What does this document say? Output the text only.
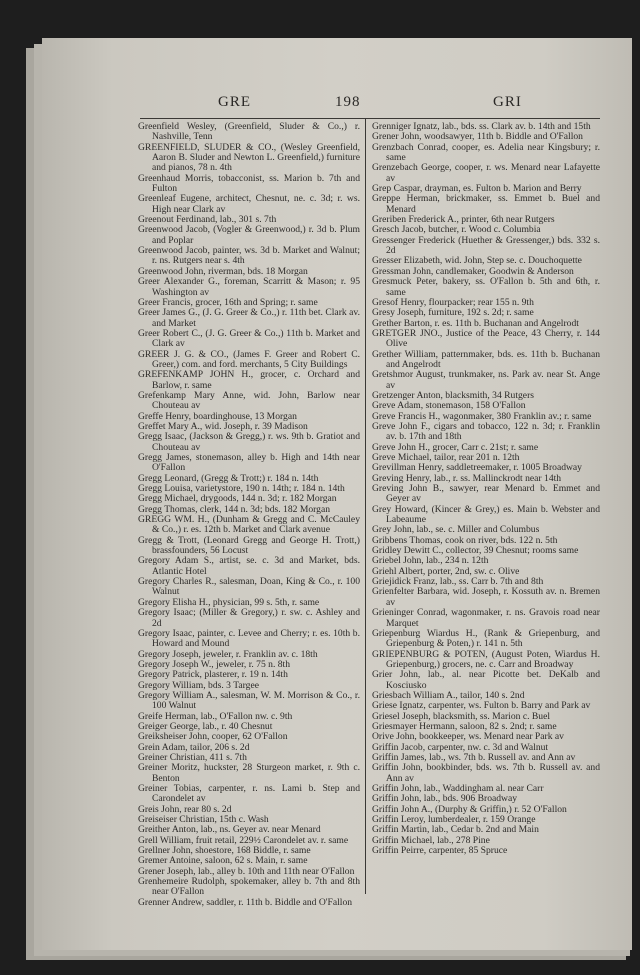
GRE	198	GRI
Greenfield Wesley, (Greenfield, Sluder & Co.,) r. Nashville, Tenn
GREENFIELD, SLUDER & CO., (Wesley Greenfield, Aaron B. Sluder and Newton L. Greenfield,) furniture and pianos, 78 n. 4th
Greenhaud Morris, tobacconist, ss. Marion b. 7th and Fulton
Greenleaf Eugene, architect, Chesnut, ne. c. 3d; r. ws. High near Clark av
Greenout Ferdinand, lab., 301 s. 7th
Greenwood Jacob, (Vogler & Greenwood,) r. 3d b. Plum and Poplar
Greenwood Jacob, painter, ws. 3d b. Market and Walnut; r. ns. Rutgers near s. 4th
Greenwood John, riverman, bds. 18 Morgan
Greer Alexander G., foreman, Scarritt & Mason; r. 95 Washington av
Greer Francis, grocer, 16th and Spring; r. same
Greer James G., (J. G. Greer & Co.,) r. 11th bet. Clark av. and Market
Greer Robert C., (J. G. Greer & Co.,) 11th b. Market and Clark av
GREER J. G. & CO., (James F. Greer and Robert C. Greer,) com. and ford. merchants, 5 City Buildings
GREFENKAMP JOHN H., grocer, c. Orchard and Barlow, r. same
Grefenkamp Mary Anne, wid. John, Barlow near Chouteau av
Greffe Henry, boardinghouse, 13 Morgan
Greffet Mary A., wid. Joseph, r. 39 Madison
Gregg Isaac, (Jackson & Gregg,) r. ws. 9th b. Gratiot and Chouteau av
Gregg James, stonemason, alley b. High and 14th near O'Fallon
Gregg Leonard, (Gregg & Trott;) r. 184 n. 14th
Gregg Louisa, varietystore, 190 n. 14th; r. 184 n. 14th
Gregg Michael, drygoods, 144 n. 3d; r. 182 Morgan
Gregg Thomas, clerk, 144 n. 3d; bds. 182 Morgan
GREGG WM. H., (Dunham & Gregg and C. McCauley & Co.,) r. es. 12th b. Market and Clark avenue
Gregg & Trott, (Leonard Gregg and George H. Trott,) brassfounders, 56 Locust
Gregory Adam S., artist, se. c. 3d and Market, bds. Atlantic Hotel
Gregory Charles R., salesman, Doan, King & Co., r. 100 Walnut
Gregory Elisha H., physician, 99 s. 5th, r. same
Gregory Isaac; (Miller & Gregory,) r. sw. c. Ashley and 2d
Gregory Isaac, painter, c. Levee and Cherry; r. es. 10th b. Howard and Mound
Gregory Joseph, jeweler, r. Franklin av. c. 18th
Gregory Joseph W., jeweler, r. 75 n. 8th
Gregory Patrick, plasterer, r. 19 n. 14th
Gregory William, bds. 3 Targee
Gregory William A., salesman, W. M. Morrison & Co., r. 100 Walnut
Greife Herman, lab., O'Fallon nw. c. 9th
Greiger George, lab., r. 40 Chesnut
Greiksheiser John, cooper, 62 O'Fallon
Grein Adam, tailor, 206 s. 2d
Greiner Christian, 411 s. 7th
Greiner Moritz, huckster, 28 Sturgeon market, r. 9th c. Benton
Greiner Tobias, carpenter, r. ns. Lami b. Step and Carondelet av
Greis John, rear 80 s. 2d
Greiseiser Christian, 15th c. Wash
Greither Anton, lab., ns. Geyer av. near Menard
Grell William, fruit retail, 229½ Carondelet av. r. same
Grellner John, shoestore, 168 Biddle, r. same
Gremer Antoine, saloon, 62 s. Main, r. same
Grener Joseph, lab., alley b. 10th and 11th near O'Fallon
Grenhemeire Rudolph, spokemaker, alley b. 7th and 8th near O'Fallon
Grenner Andrew, saddler, r. 11th b. Biddle and O'Fallon
Grenniger Ignatz, lab., bds. ss. Clark av. b. 14th and 15th
Grener John, woodsawyer, 11th b. Biddle and O'Fallon
Grenzbach Conrad, cooper, es. Adelia near Kingsbury; r. same
Grenzebach George, cooper, r. ws. Menard near Lafayette av
Grep Caspar, drayman, es. Fulton b. Marion and Berry
Greppe Herman, brickmaker, ss. Emmet b. Buel and Menard
Greriben Frederick A., printer, 6th near Rutgers
Gresch Jacob, butcher, r. Wood c. Columbia
Gressenger Frederick (Huether & Gressenger,) bds. 332 s. 2d
Gresser Elizabeth, wid. John, Step se. c. Douchoquette
Gressman John, candlemaker, Goodwin & Anderson
Gresmuck Peter, bakery, ss. O'Fallon b. 5th and 6th, r. same
Gresof Henry, flourpacker; rear 155 n. 9th
Gresy Joseph, furniture, 192 s. 2d; r. same
Grether Barton, r. es. 11th b. Buchanan and Angelrodt
GRETGER JNO., Justice of the Peace, 43 Cherry, r. 144 Olive
Grether William, patternmaker, bds. es. 11th b. Buchanan and Angelrodt
Gretshmor August, trunkmaker, ns. Park av. near St. Ange av
Gretzenger Anton, blacksmith, 34 Rutgers
Greve Adam, stonemason, 158 O'Fallon
Greve Francis H., wagonmaker, 380 Franklin av.; r. same
Greve John F., cigars and tobacco, 122 n. 3d; r. Franklin av. b. 17th and 18th
Greve John H., grocer, Carr c. 21st; r. same
Greve Michael, tailor, rear 201 n. 12th
Grevillman Henry, saddletreemaker, r. 1005 Broadway
Greving Henry, lab., r. ss. Mallinckrodt near 14th
Greving John B., sawyer, rear Menard b. Emmet and Geyer av
Grey Howard, (Kincer & Grey,) es. Main b. Webster and Labeaume
Grey John, lab., se. c. Miller and Columbus
Gribbens Thomas, cook on river, bds. 122 n. 5th
Gridley Dewitt C., collector, 39 Chesnut; rooms same
Griebel John, lab., 234 n. 12th
Griehl Albert, porter, 2nd, sw. c. Olive
Griejidick Franz, lab., ss. Carr b. 7th and 8th
Grienfelter Barbara, wid. Joseph, r. Kossuth av. n. Bremen av
Grieninger Conrad, wagonmaker, r. ns. Gravois road near Marquet
Griepenburg Wiardus H., (Rank & Griepenburg, and Griepenburg & Poten,) r. 141 n. 5th
GRIEPENBURG & POTEN, (August Poten, Wiardus H. Griepenburg,) grocers, ne. c. Carr and Broadway
Grier John, lab., al. near Picotte bet. DeKalb and Kosciusko
Griesbach William A., tailor, 140 s. 2nd
Griese Ignatz, carpenter, ws. Fulton b. Barry and Park av
Griesel Joseph, blacksmith, ss. Marion c. Buel
Griesmayer Hermann, saloon, 82 s. 2nd; r. same
Orive John, bookkeeper, ws. Menard near Park av
Griffin Jacob, carpenter, nw. c. 3d and Walnut
Griffin James, lab., ws. 7th b. Russell av. and Ann av
Griffin John, bookbinder, bds. ws. 7th b. Russell av. and Ann av
Griffin John, lab., Waddingham al. near Carr
Griffin John, lab., bds. 906 Broadway
Griffin John A., (Durphy & Griffin,) r. 52 O'Fallon
Griffin Leroy, lumberdealer, r. 159 Orange
Griffin Martin, lab., Cedar b. 2nd and Main
Griffin Michael, lab., 278 Pine
Griffin Peirre, carpenter, 85 Spruce
